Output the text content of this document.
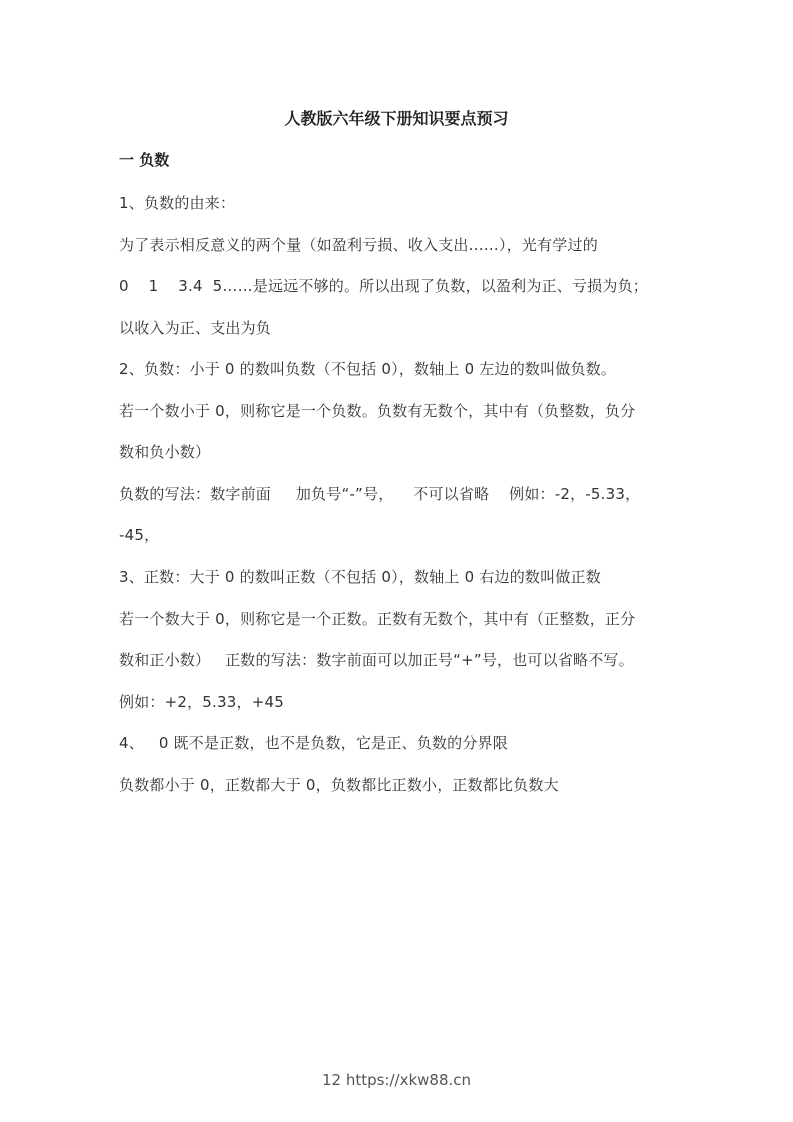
人教版六年级下册知识要点预习
一 负数
1、负数的由来：
为了表示相反意义的两个量（如盈利亏损、收入支出……），光有学过的
0    1    3.4  5……是远远不够的。所以出现了负数，以盈利为正、亏损为负；
以收入为正、支出为负
2、负数：小于 0 的数叫负数（不包括 0），数轴上 0 左边的数叫做负数。
若一个数小于 0，则称它是一个负数。负数有无数个，其中有（负整数，负分
数和负小数）
负数的写法：数字前面     加负号“-”号，    不可以省略    例如：-2，-5.33，
-45，
3、正数：大于 0 的数叫正数（不包括 0），数轴上 0 右边的数叫做正数
若一个数大于 0，则称它是一个正数。正数有无数个，其中有（正整数，正分
数和正小数）   正数的写法：数字前面可以加正号“+”号，也可以省略不写。
例如：+2，5.33，+45
4、   0 既不是正数，也不是负数，它是正、负数的分界限
负数都小于 0，正数都大于 0，负数都比正数小，正数都比负数大
12 https://xkw88.cn
